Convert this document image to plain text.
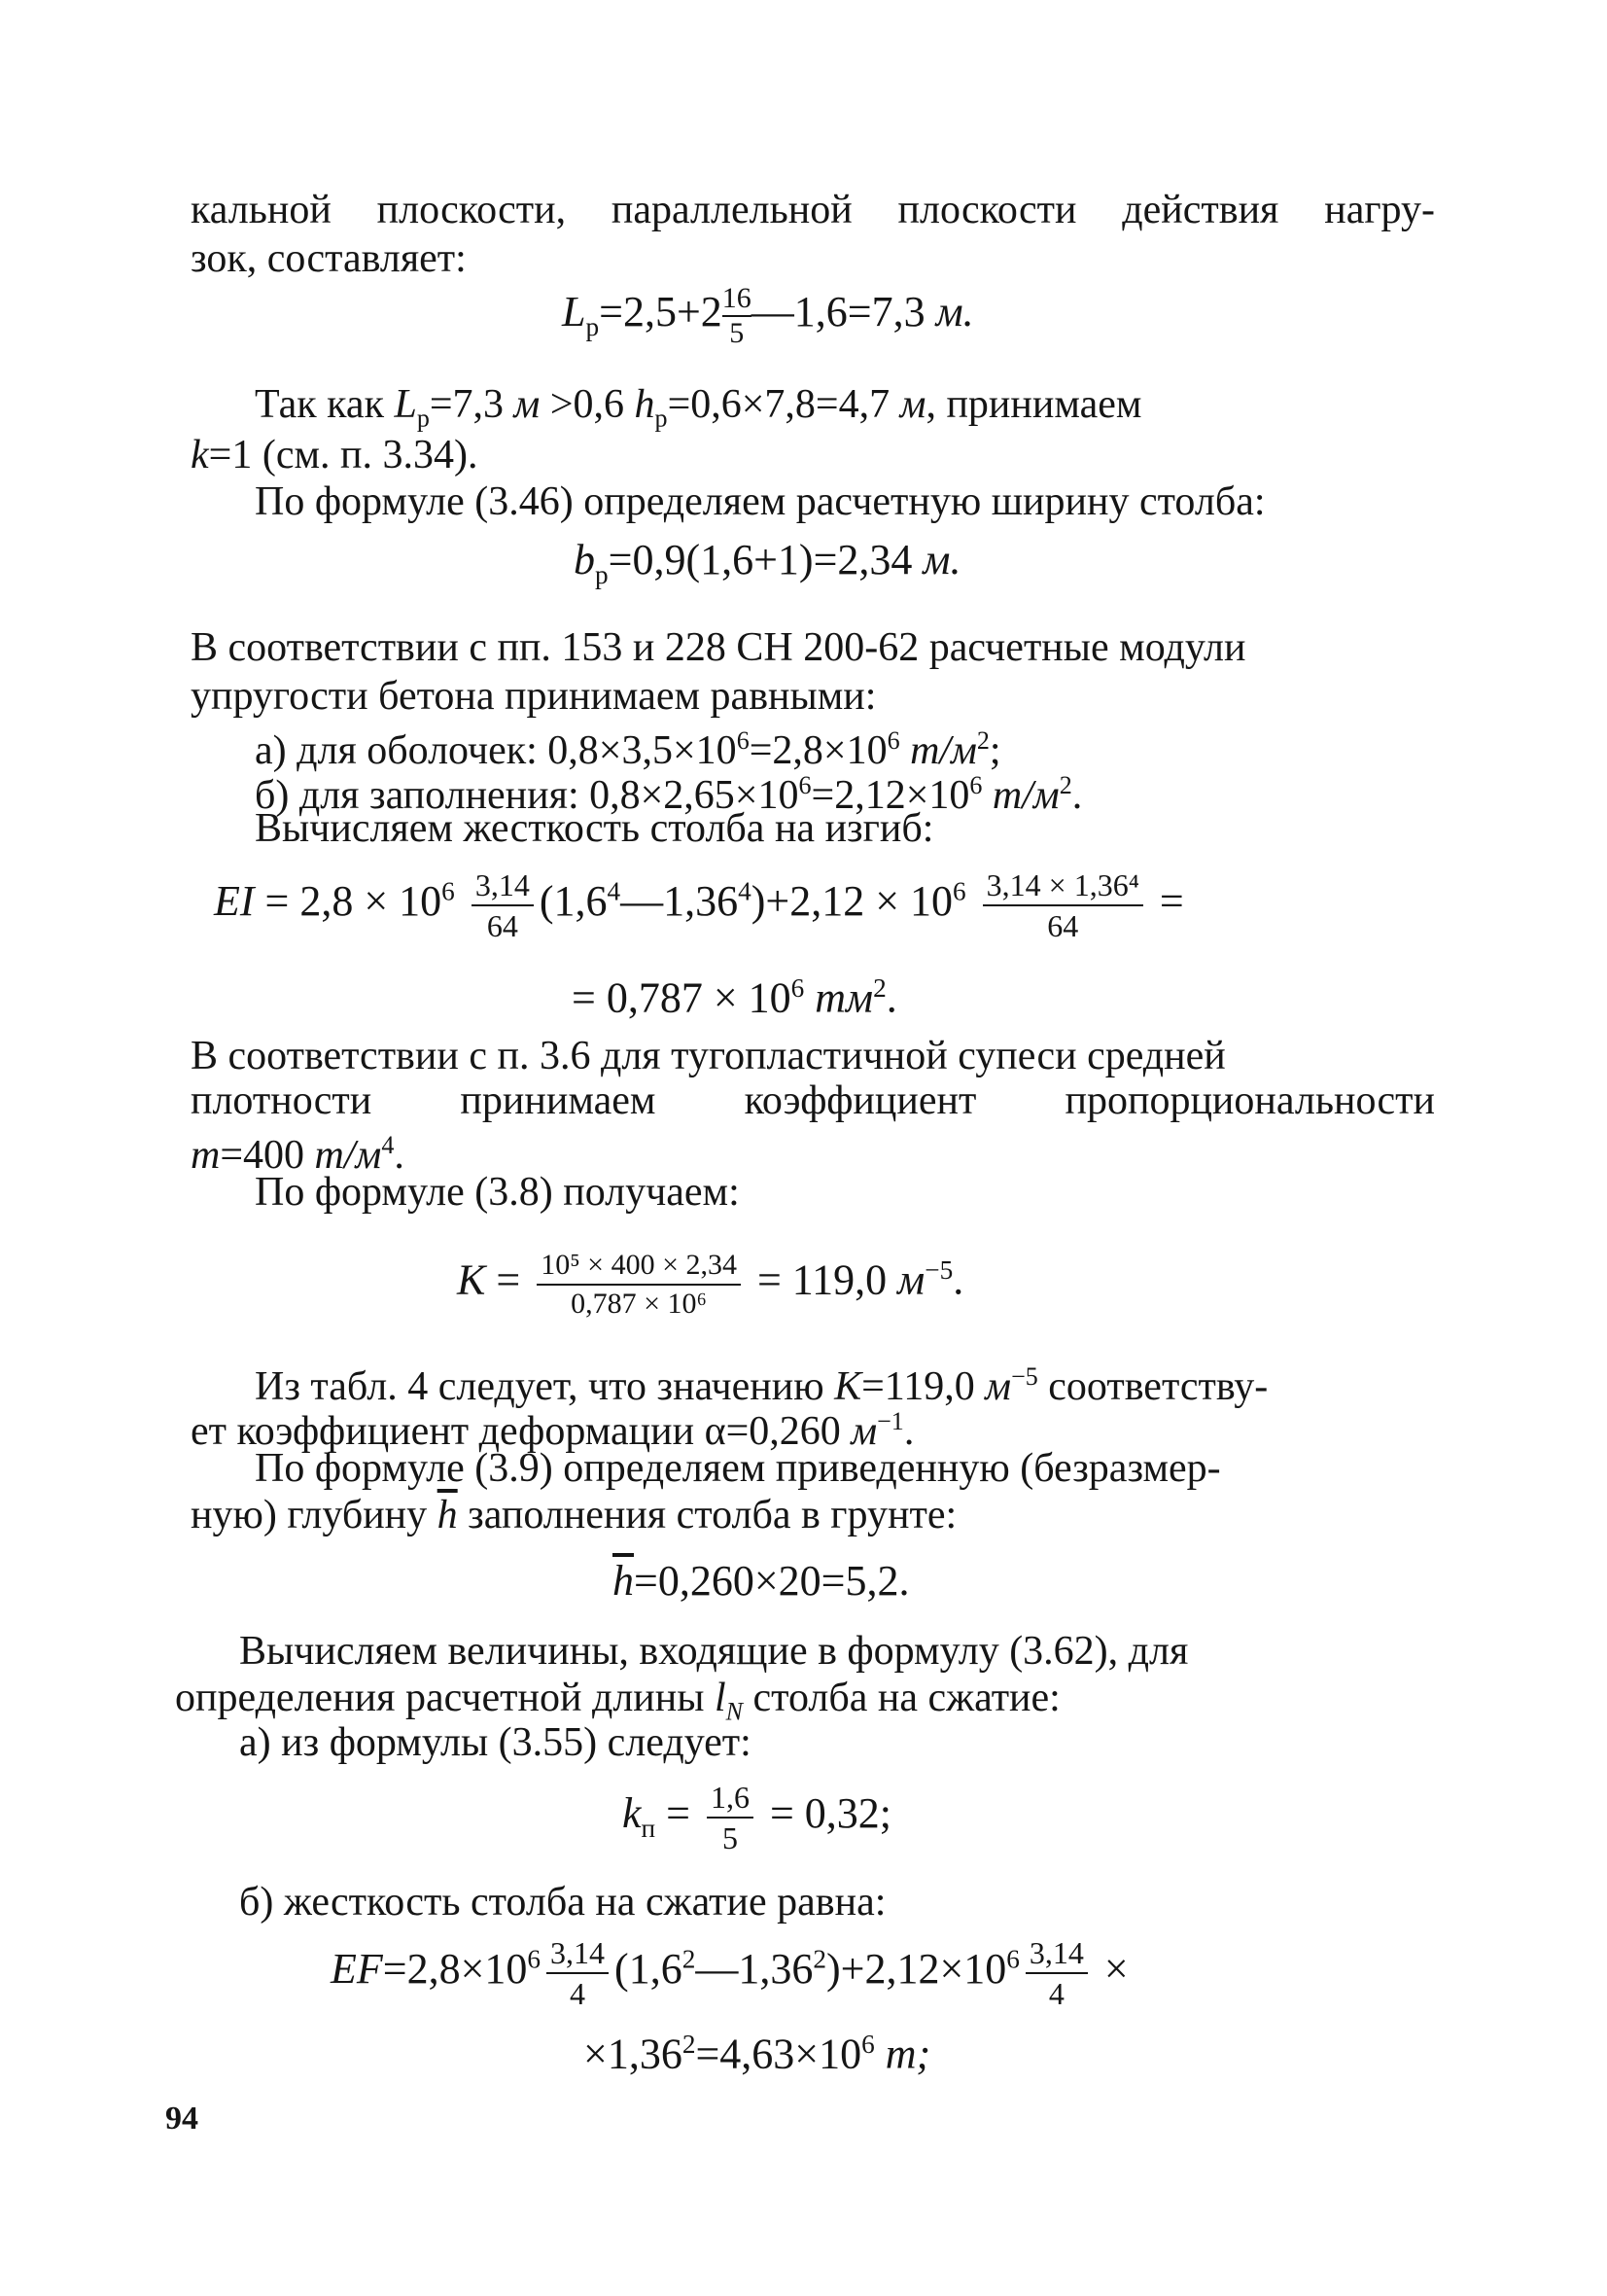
кальной плоскости, параллельной плоскости действия нагру-
зок, составляет:
$L_р=2,5+2 \frac{16}{5}$ —1,6=7,3 м.
Так как $L_р=7,3$ м >0,6 $h_р=0,6\times 7,8=4,7$ м, принимаем
k=1 (см. п. 3.34).
По формуле (3.46) определяем расчетную ширину столба:
$b_р=0,9(1,6+1)=2,34$ м.
В соответствии с пп. 153 и 228 СН 200-62 расчетные модули
упругости бетона принимаем равными:
а) для оболочек: $0,8\times 3,5\times 10^6=2,8\times 10^6$ $т/м^2$;
б) для заполнения: $0,8\times 2,65\times 10^6=2,12\times 10^6$ $т/м^2$.
Вычисляем жесткость столба на изгиб:
EI = $2,8 \times 10^6 \frac{3,14}{64}$ $(1,6^4—1,36^4)+2,12 \times 10^6 \frac{\text{3,14 × 1,36⁴}}{64}$ =
= $0,787 \times 10^6$ $тм^2$.
В соответствии с п. 3.6 для тугопластичной супеси средней
плотности принимаем коэффициент пропорциональности
m=400 $т/м^4$.
По формуле (3.8) получаем:
$K = \frac{\text{10⁵ × 400 × 2,34}}{\text{0,787 × 10⁶}} = 119,0$ $м^{-5}$.
Из табл. 4 следует, что значению K=119,0 $м^{-5}$ соответству-
ет коэффициент деформации α=0,260 $м^{-1}$.
По формуле (3.9) определяем приведенную (безразмер-
ную) глубину $\overline{h}$ заполнения столба в грунте:
$\overline{h}=0,260\times 20=5,2$.
Вычисляем величины, входящие в формулу (3.62), для
определения расчетной длины $l_N$ столба на сжатие:
а) из формулы (3.55) следует:
$k_п = \frac{1,6}{5} = 0,32$;
б) жесткость столба на сжатие равна:
$EF=2,8\times 10^6 \frac{3,14}{4}$ $(1,6^2—1,36^2)+2,12\times 10^6 \frac{3,14}{4}$ ×
$\times 1,36^2=4,63\times 10^6$ т;
94
